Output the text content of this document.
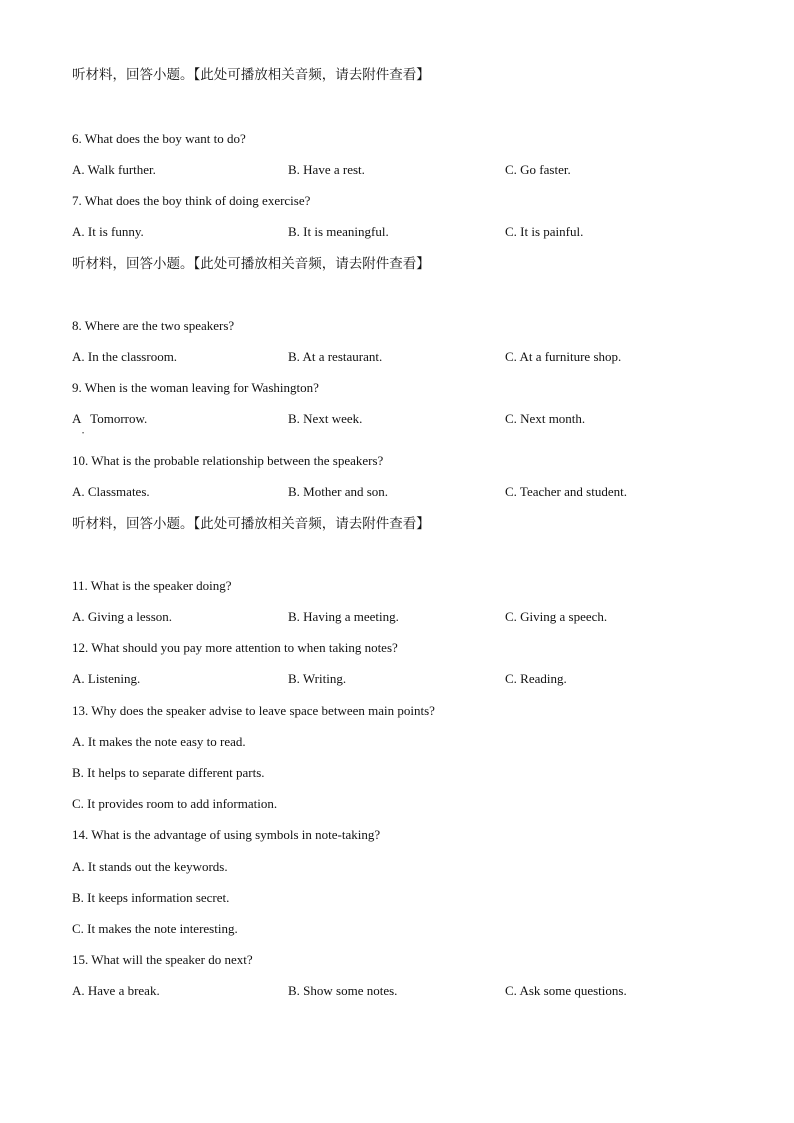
听材料，回答小题。【此处可播放相关音频，请去附件查看】
6. What does the boy want to do?
A. Walk further.	B. Have a rest.	C. Go faster.
7. What does the boy think of doing exercise?
A. It is funny.	B. It is meaningful.	C. It is painful.
听材料，回答小题。【此处可播放相关音频，请去附件查看】
8. Where are the two speakers?
A. In the classroom.	B. At a restaurant.	C. At a furniture shop.
9. When is the woman leaving for Washington?
A   Tomorrow.
•
B. Next week.	C. Next month.
10. What is the probable relationship between the speakers?
A. Classmates.	B. Mother and son.	C. Teacher and student.
听材料，回答小题。【此处可播放相关音频，请去附件查看】
11. What is the speaker doing?
A. Giving a lesson.	B. Having a meeting.	C. Giving a speech.
12. What should you pay more attention to when taking notes?
A. Listening.	B. Writing.	C. Reading.
13. Why does the speaker advise to leave space between main points?
A. It makes the note easy to read.
B. It helps to separate different parts.
C. It provides room to add information.
14. What is the advantage of using symbols in note-taking?
A. It stands out the keywords.
B. It keeps information secret.
C. It makes the note interesting.
15. What will the speaker do next?
A. Have a break.	B. Show some notes.	C. Ask some questions.
